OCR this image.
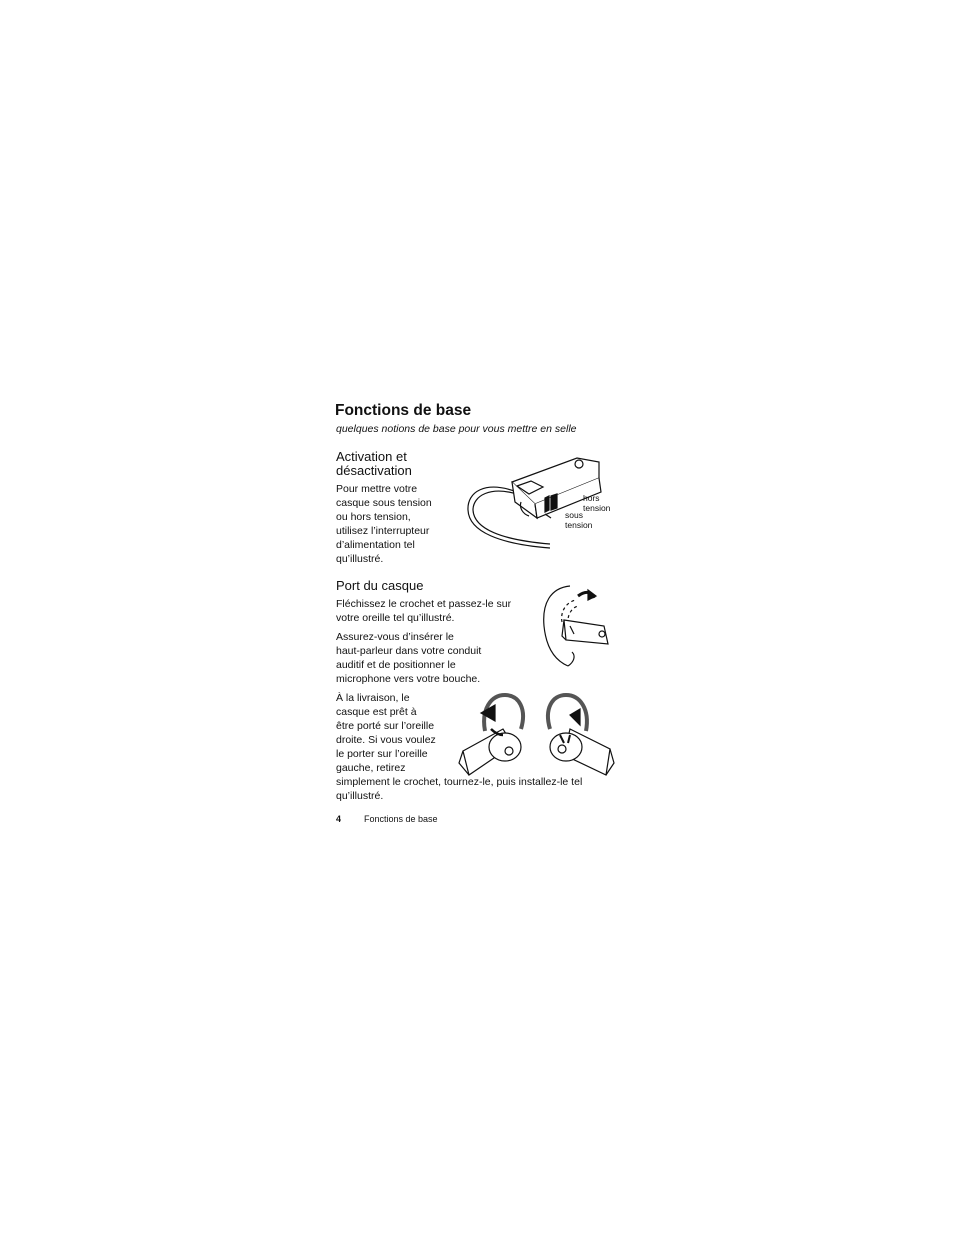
Fonctions de base
quelques notions de base pour vous mettre en selle
Activation et
désactivation
Pour mettre votre
casque sous tension
ou hors tension,
utilisez l’interrupteur
d’alimentation tel
qu’illustré.
hors
tension
sous
tension
Port du casque
Fléchissez le crochet et passez-le sur
votre oreille tel qu’illustré.
Assurez-vous d’insérer le
haut-parleur dans votre conduit
auditif et de positionner le
microphone vers votre bouche.
À la livraison, le
casque est prêt à
être porté sur l’oreille
droite. Si vous voulez
le porter sur l’oreille
gauche, retirez
simplement le crochet, tournez-le, puis installez-le tel
qu’illustré.
4	Fonctions de base
